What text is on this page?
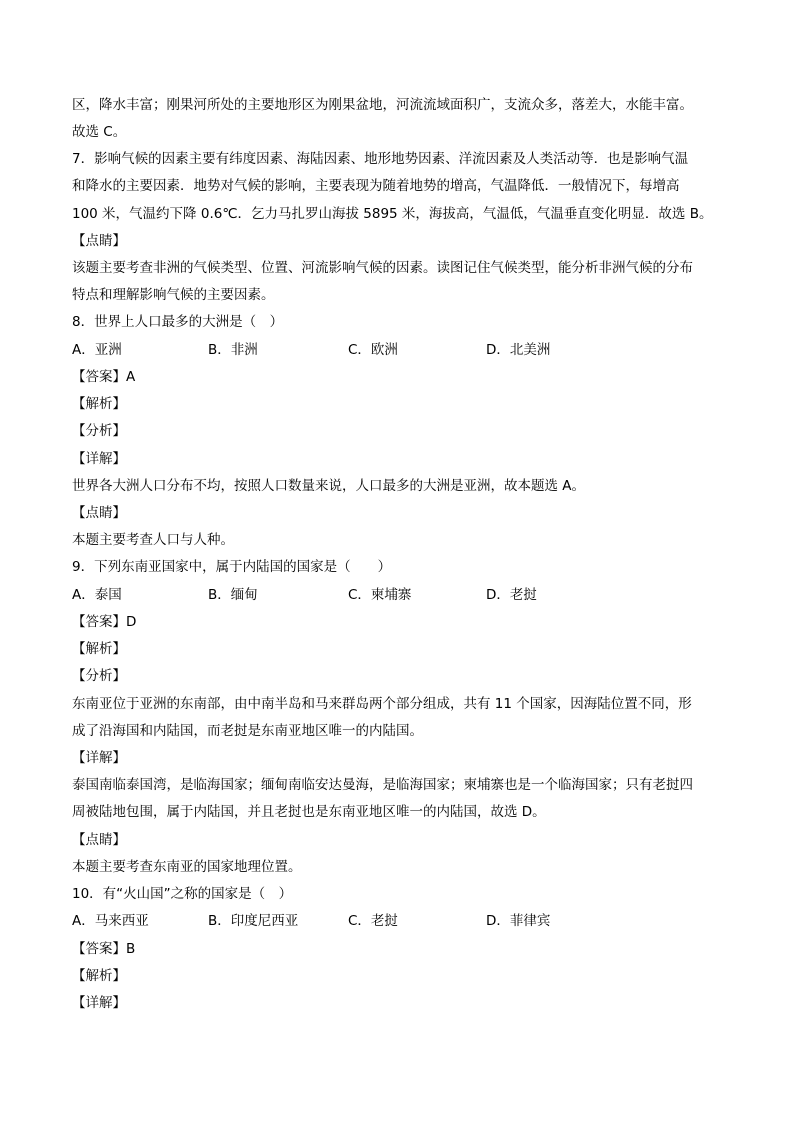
区，降水丰富；刚果河所处的主要地形区为刚果盆地，河流流域面积广，支流众多，落差大，水能丰富。
故选 C。
7．影响气候的因素主要有纬度因素、海陆因素、地形地势因素、洋流因素及人类活动等．也是影响气温
和降水的主要因素．地势对气候的影响，主要表现为随着地势的增高，气温降低．一般情况下，每增高
100 米，气温约下降 0.6℃．乞力马扎罗山海拔 5895 米，海拔高，气温低，气温垂直变化明显．故选 B。
【点睛】
该题主要考查非洲的气候类型、位置、河流影响气候的因素。读图记住气候类型，能分析非洲气候的分布
特点和理解影响气候的主要因素。
8．世界上人口最多的大洲是（　）
A．亚洲	B．非洲	C．欧洲	D．北美洲
【答案】A
【解析】
【分析】
【详解】
世界各大洲人口分布不均，按照人口数量来说，人口最多的大洲是亚洲，故本题选 A。
【点睛】
本题主要考查人口与人种。
9．下列东南亚国家中，属于内陆国的国家是（　　）
A．泰国	B．缅甸	C．柬埔寨	D．老挝
【答案】D
【解析】
【分析】
东南亚位于亚洲的东南部，由中南半岛和马来群岛两个部分组成，共有 11 个国家，因海陆位置不同，形
成了沿海国和内陆国，而老挝是东南亚地区唯一的内陆国。
【详解】
泰国南临泰国湾，是临海国家；缅甸南临安达曼海，是临海国家；柬埔寨也是一个临海国家；只有老挝四
周被陆地包围，属于内陆国，并且老挝也是东南亚地区唯一的内陆国，故选 D。
【点睛】
本题主要考查东南亚的国家地理位置。
10．有“火山国”之称的国家是（　）
A．马来西亚	B．印度尼西亚	C．老挝	D．菲律宾
【答案】B
【解析】
【详解】
